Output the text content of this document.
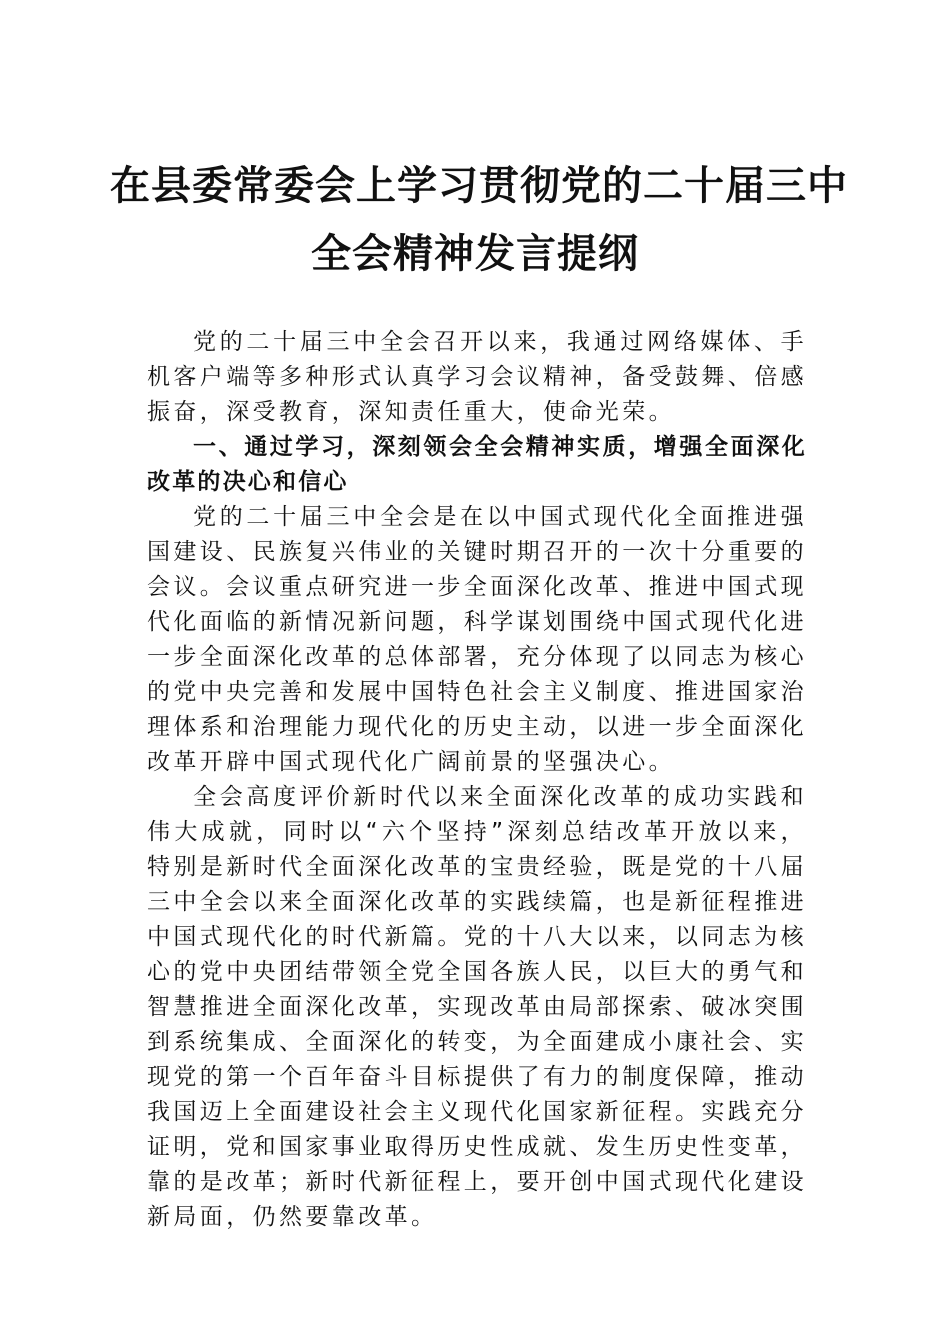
在县委常委会上学习贯彻党的二十届三中
全会精神发言提纲

党的二十届三中全会召开以来，我通过网络媒体、手机客户端等多种形式认真学习会议精神，备受鼓舞、倍感振奋，深受教育，深知责任重大，使命光荣。

一、通过学习，深刻领会全会精神实质，增强全面深化改革的决心和信心

党的二十届三中全会是在以中国式现代化全面推进强国建设、民族复兴伟业的关键时期召开的一次十分重要的会议。会议重点研究进一步全面深化改革、推进中国式现代化面临的新情况新问题，科学谋划围绕中国式现代化进一步全面深化改革的总体部署，充分体现了以同志为核心的党中央完善和发展中国特色社会主义制度、推进国家治理体系和治理能力现代化的历史主动，以进一步全面深化改革开辟中国式现代化广阔前景的坚强决心。

全会高度评价新时代以来全面深化改革的成功实践和伟大成就，同时以“六个坚持”深刻总结改革开放以来，特别是新时代全面深化改革的宝贵经验，既是党的十八届三中全会以来全面深化改革的实践续篇，也是新征程推进中国式现代化的时代新篇。党的十八大以来，以同志为核心的党中央团结带领全党全国各族人民，以巨大的勇气和智慧推进全面深化改革，实现改革由局部探索、破冰突围到系统集成、全面深化的转变，为全面建成小康社会、实现党的第一个百年奋斗目标提供了有力的制度保障，推动我国迈上全面建设社会主义现代化国家新征程。实践充分证明，党和国家事业取得历史性成就、发生历史性变革，靠的是改革；新时代新征程上，要开创中国式现代化建设新局面，仍然要靠改革。
